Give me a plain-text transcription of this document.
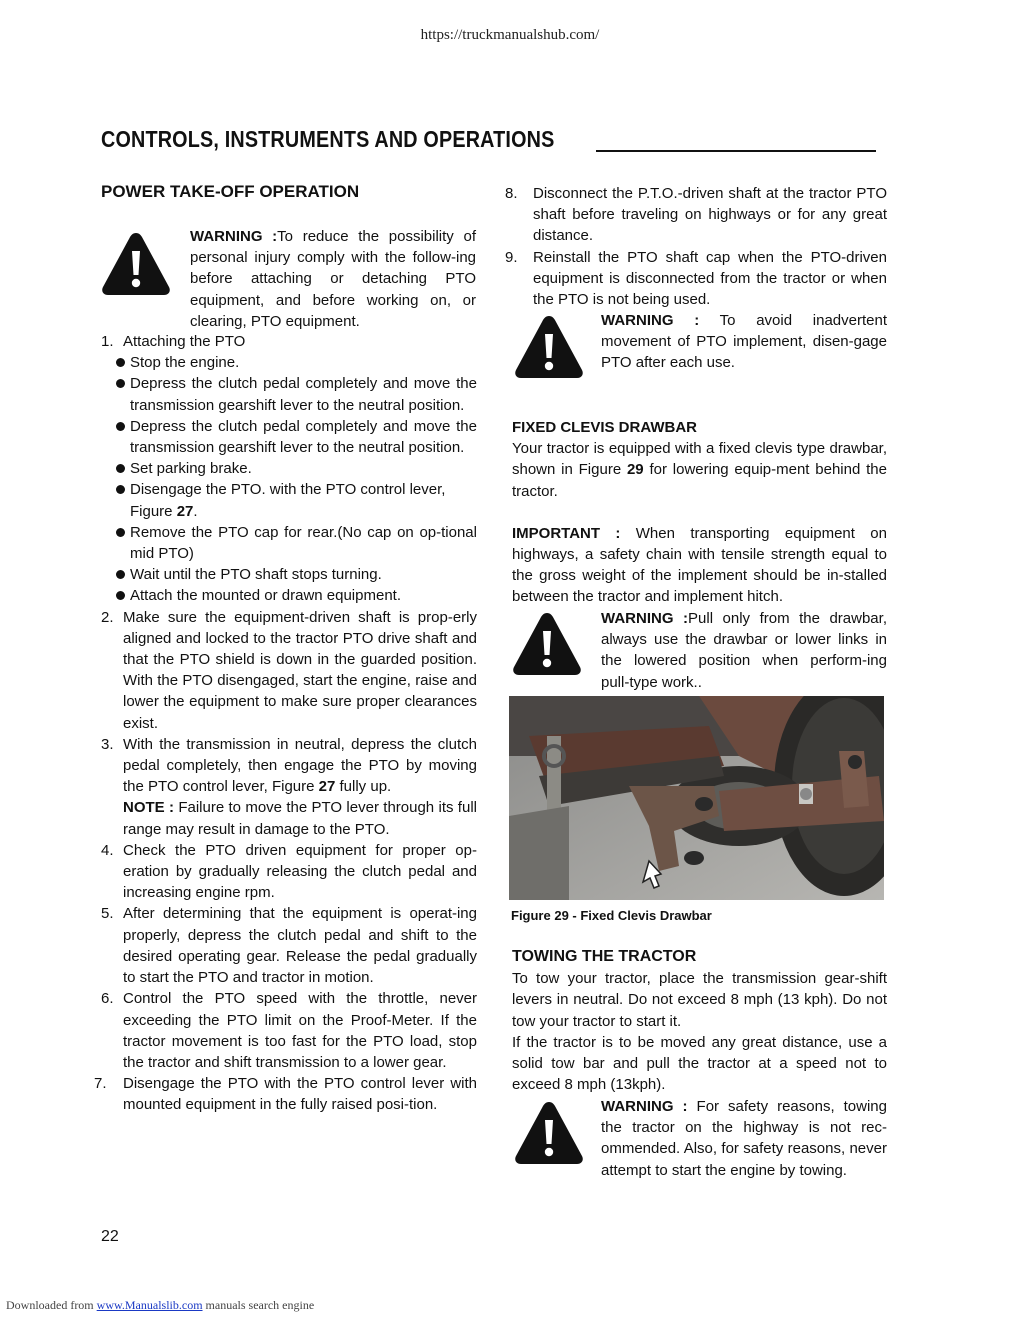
https://truckmanualshub.com/
CONTROLS, INSTRUMENTS AND OPERATIONS
POWER TAKE-OFF OPERATION
WARNING :To reduce the possibility of personal injury comply with the follow-ing before attaching or detaching PTO equipment, and before working on, or clearing, PTO equipment.
1. Attaching the PTO
Stop the engine.
Depress the clutch pedal completely and move the transmission gearshift lever to the neutral position.
Depress the clutch pedal completely and move the transmission gearshift lever to the neutral position.
Set parking brake.
Disengage the PTO. with the PTO control lever, Figure 27.
Remove the PTO cap for rear.(No cap on op-tional mid PTO)
Wait until the PTO shaft stops turning.
Attach the mounted or drawn equipment.
2. Make sure the equipment-driven shaft is prop-erly aligned and locked to the tractor PTO drive shaft and that the PTO shield is down in the guarded position. With the PTO disengaged, start the engine, raise and lower the equipment to make sure proper clearances exist.
3. With the transmission in neutral, depress the clutch pedal completely, then engage the PTO by moving the PTO control lever, Figure 27 fully up.
NOTE : Failure to move the PTO lever through its full range may result in damage to the PTO.
4. Check the PTO driven equipment for proper op-eration by gradually releasing the clutch pedal and increasing engine rpm.
5. After determining that the equipment is operat-ing properly, depress the clutch pedal and shift to the desired operating gear. Release the pedal gradually to start the PTO and tractor in motion.
6. Control the PTO speed with the throttle, never exceeding the PTO limit on the Proof-Meter. If the tractor movement is too fast for the PTO load, stop the tractor and shift transmission to a lower gear.
7. Disengage the PTO with the PTO control lever with mounted equipment in the fully raised posi-tion.
8. Disconnect the P.T.O.-driven shaft at the tractor PTO shaft before traveling on highways or for any great distance.
9. Reinstall the PTO shaft cap when the PTO-driven equipment is disconnected from the tractor or when the PTO is not being used.
WARNING : To avoid inadvertent movement of PTO implement, disen-gage PTO after each use.
FIXED CLEVIS DRAWBAR

Your tractor is equipped with a fixed clevis type drawbar, shown in Figure 29 for lowering equip-ment behind the tractor.

IMPORTANT : When transporting equipment on highways, a safety chain with tensile strength equal to the gross weight of the implement should be in-stalled between the tractor and implement hitch.

WARNING :Pull only from the drawbar, always use the drawbar or lower links in the lowered position when perform-ing pull-type work..
Figure 29 - Fixed Clevis Drawbar
TOWING THE TRACTOR

To tow your tractor, place the transmission gear-shift levers in neutral. Do not exceed 8 mph (13 kph). Do not tow your tractor to start it.

If the tractor is to be moved any great distance, use a solid tow bar and pull the tractor at a speed not to exceed 8 mph (13kph).

WARNING : For safety reasons, towing the tractor on the highway is not rec-ommended. Also, for safety reasons, never attempt to start the engine by towing.
22
Downloaded from www.Manualslib.com manuals search engine
